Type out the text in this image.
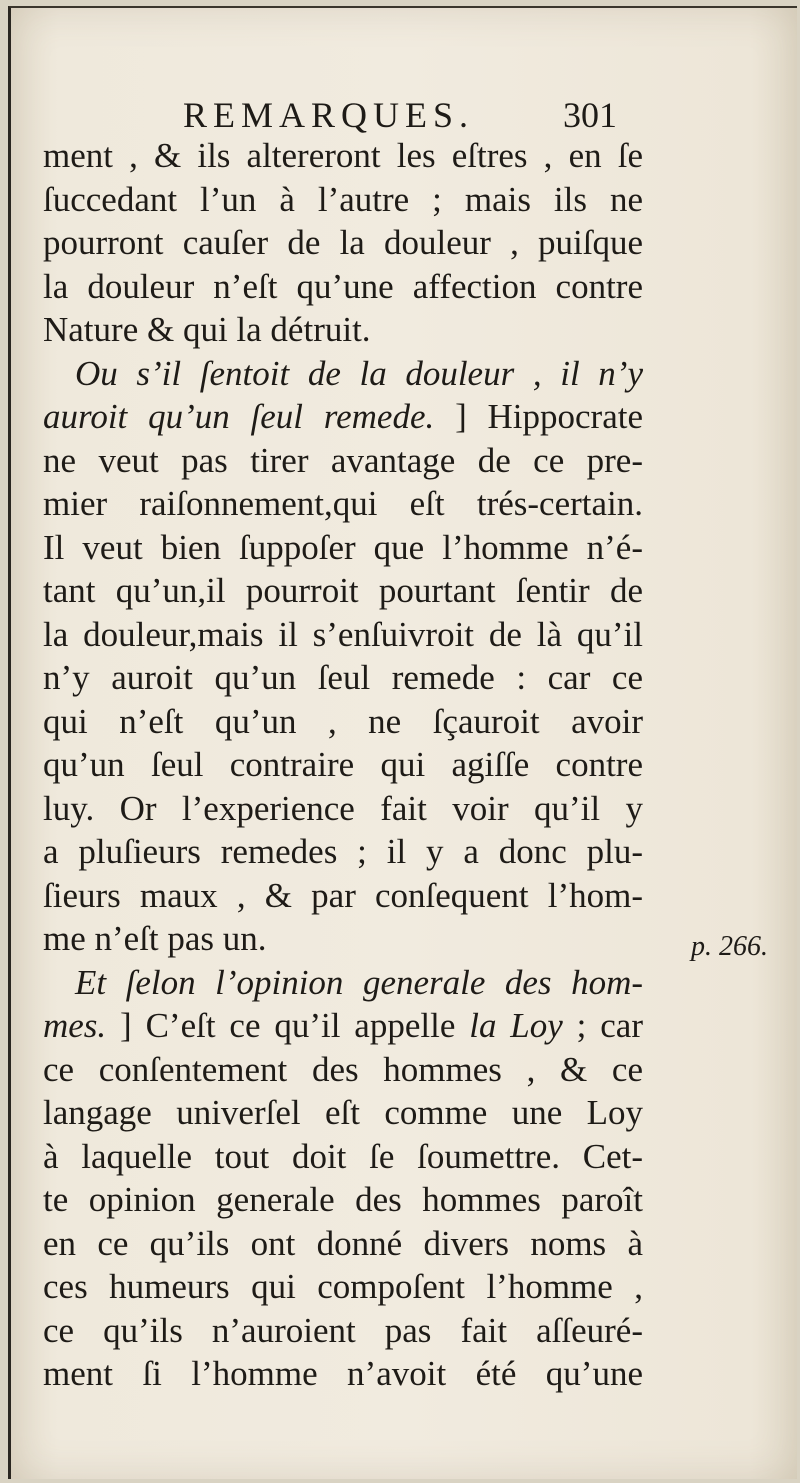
REMARQUES. 301
ment , & ils altereront les eſtres , en ſe
ſuccedant l’un à l’autre ; mais ils ne
pourront cauſer de la douleur , puiſque
la douleur n’eſt qu’une affection contre
Nature & qui la détruit.
Ou s’il ſentoit de la douleur , il n’y
auroit qu’un ſeul remede. ] Hippocrate
ne veut pas tirer avantage de ce pre-
mier raiſonnement,qui eſt trés-certain.
Il veut bien ſuppoſer que l’homme n’é-
tant qu’un,il pourroit pourtant ſentir de
la douleur,mais il s’enſuivroit de là qu’il
n’y auroit qu’un ſeul remede : car ce
qui n’eſt qu’un , ne ſçauroit avoir
qu’un ſeul contraire qui agiſſe contre
luy. Or l’experience fait voir qu’il y
a pluſieurs remedes ; il y a donc plu-
ſieurs maux , & par conſequent l’hom-
me n’eſt pas un.
Et ſelon l’opinion generale des hom-
mes. ] C’eſt ce qu’il appelle la Loy ; car
ce conſentement des hommes , & ce
langage univerſel eſt comme une Loy
à laquelle tout doit ſe ſoumettre. Cet-
te opinion generale des hommes paroît
en ce qu’ils ont donné divers noms à
ces humeurs qui compoſent l’homme ,
ce qu’ils n’auroient pas fait aſſeuré-
ment ſi l’homme n’avoit été qu’une
p. 266.
